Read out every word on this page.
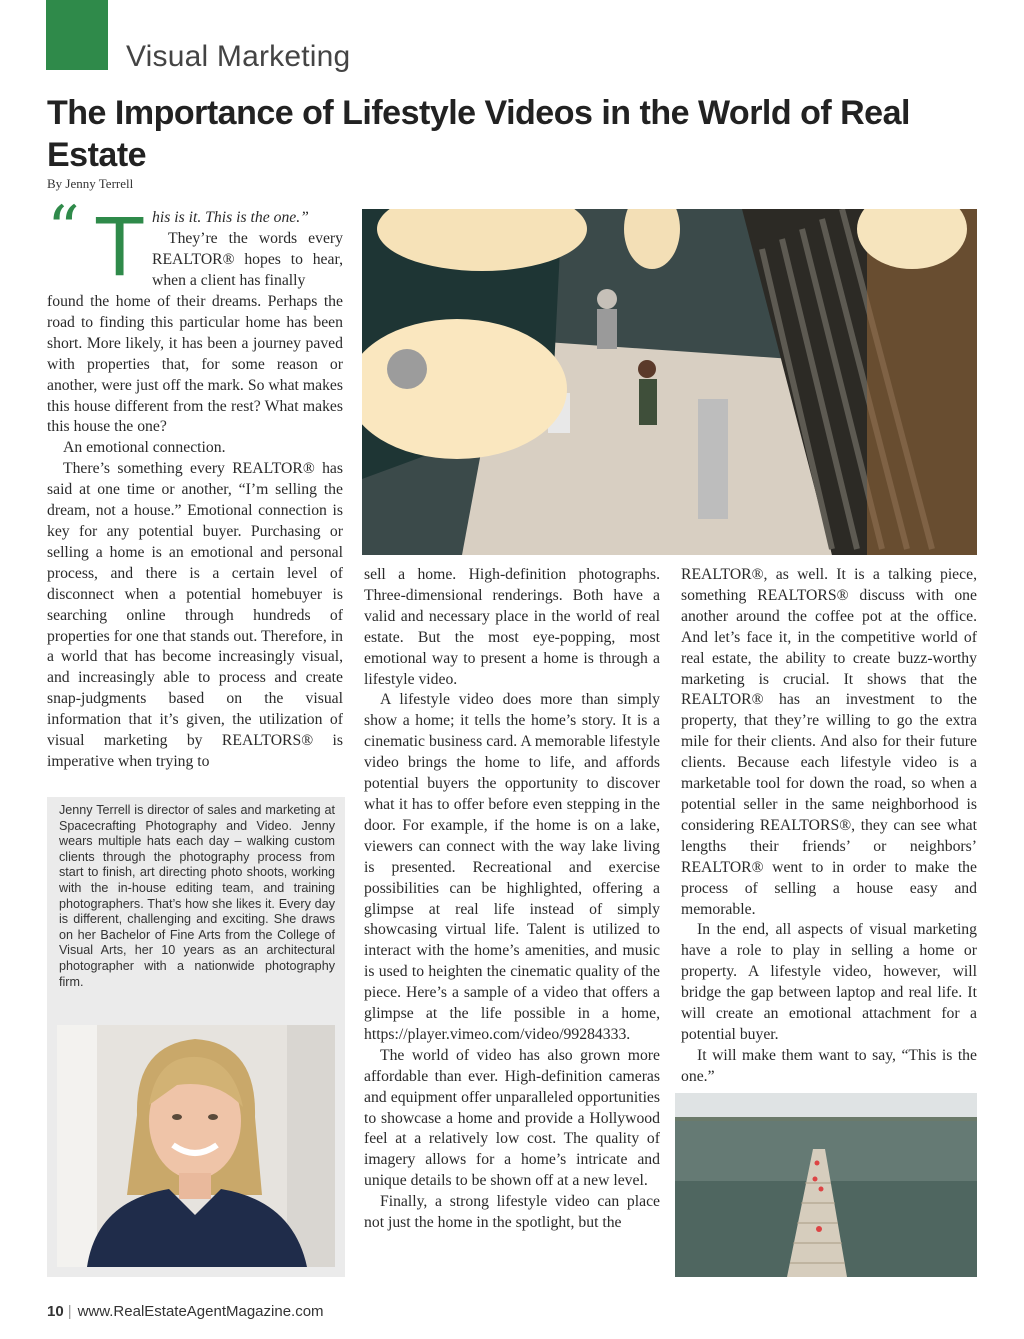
Visual Marketing
The Importance of Lifestyle Videos in the World of Real Estate
By Jenny Terrell
“ T his is it. This is the one.”

They’re the words every REALTOR® hopes to hear, when a client has finally

found the home of their dreams. Perhaps the road to finding this particular home has been short. More likely, it has been a journey paved with properties that, for some reason or another, were just off the mark. So what makes this house different from the rest? What makes this house the one?

An emotional connection.

There’s something every REALTOR® has said at one time or another, “I’m selling the dream, not a house.” Emotional connection is key for any potential buyer. Purchasing or selling a home is an emotional and personal process, and there is a certain level of disconnect when a potential homebuyer is searching online through hundreds of properties for one that stands out. Therefore, in a world that has become increasingly visual, and increasingly able to process and create snap-judgments based on the visual information that it’s given, the utilization of visual marketing by REALTORS® is imperative when trying to

Jenny Terrell is director of sales and marketing at Spacecrafting Photography and Video. Jenny wears multiple hats each day – walking custom clients through the photography process from start to finish, art directing photo shoots, working with the in-house editing team, and training photographers. That’s how she likes it. Every day is different, challenging and exciting. She draws on her Bachelor of Fine Arts from the College of Visual Arts, her 10 years as an architectural photographer with a nationwide photography firm.

sell a home. High-definition photographs. Three-dimensional renderings. Both have a valid and necessary place in the world of real estate. But the most eye-popping, most emotional way to present a home is through a lifestyle video.

A lifestyle video does more than simply show a home; it tells the home’s story. It is a cinematic business card. A memorable lifestyle video brings the home to life, and affords potential buyers the opportunity to discover what it has to offer before even stepping in the door. For example, if the home is on a lake, viewers can connect with the way lake living is presented. Recreational and exercise possibilities can be highlighted, offering a glimpse at real life instead of simply showcasing virtual life. Talent is utilized to interact with the home’s amenities, and music is used to heighten the cinematic quality of the piece. Here’s a sample of a video that offers a glimpse at the life possible in a home, https://player.vimeo.com/video/99284333.

The world of video has also grown more affordable than ever. High-definition cameras and equipment offer unparalleled opportunities to showcase a home and provide a Hollywood feel at a relatively low cost. The quality of imagery allows for a home’s intricate and unique details to be shown off at a new level.

Finally, a strong lifestyle video can place not just the home in the spotlight, but the

REALTOR®, as well. It is a talking piece, something REALTORS® discuss with one another around the coffee pot at the office. And let’s face it, in the competitive world of real estate, the ability to create buzz-worthy marketing is crucial. It shows that the REALTOR® has an investment to the property, that they’re willing to go the extra mile for their clients. And also for their future clients. Because each lifestyle video is a marketable tool for down the road, so when a potential seller in the same neighborhood is considering REALTORS®, they can see what lengths their friends’ or neighbors’ REALTOR® went to in order to make the process of selling a house easy and memorable.

In the end, all aspects of visual marketing have a role to play in selling a home or property. A lifestyle video, however, will bridge the gap between laptop and real life. It will create an emotional attachment for a potential buyer.

It will make them want to say, “This is the one.”

10 | www.RealEstateAgentMagazine.com
